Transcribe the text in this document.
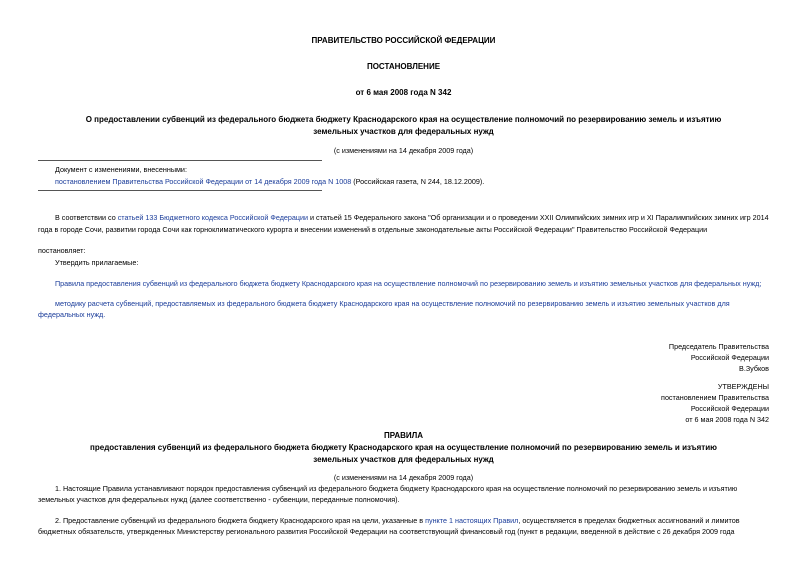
ПРАВИТЕЛЬСТВО РОССИЙСКОЙ ФЕДЕРАЦИИ
ПОСТАНОВЛЕНИЕ
от 6 мая 2008 года N 342
О предоставлении субвенций из федерального бюджета бюджету Краснодарского края на осуществление полномочий по резервированию земель и изъятию
земельных участков для федеральных нужд
(с изменениями на 14 декабря 2009 года)
Документ с изменениями, внесенными:
постановлением Правительства Российской Федерации от 14 декабря 2009 года N 1008 (Российская газета, N 244, 18.12.2009).
В соответствии со статьей 133 Бюджетного кодекса Российской Федерации и статьей 15 Федерального закона "Об организации и о проведении XXII Олимпийских зимних игр и XI Паралимпийских зимних игр 2014
года в городе Сочи, развитии города Сочи как горноклиматического курорта и внесении изменений в отдельные законодательные акты Российской Федерации" Правительство Российской Федерации
постановляет:
Утвердить прилагаемые:
Правила предоставления субвенций из федерального бюджета бюджету Краснодарского края на осуществление полномочий по резервированию земель и изъятию земельных участков для федеральных нужд;
методику расчета субвенций, предоставляемых из федерального бюджета бюджету Краснодарского края на осуществление полномочий по резервированию земель и изъятию земельных участков для
федеральных нужд.
Председатель Правительства
Российской Федерации
В.Зубков
УТВЕРЖДЕНЫ
постановлением Правительства
Российской Федерации
от 6 мая 2008 года N 342
ПРАВИЛА
предоставления субвенций из федерального бюджета бюджету Краснодарского края на осуществление полномочий по резервированию земель и изъятию
земельных участков для федеральных нужд
(с изменениями на 14 декабря 2009 года)
1. Настоящие Правила устанавливают порядок предоставления субвенций из федерального бюджета бюджету Краснодарского края на осуществление полномочий по резервированию земель и изъятию
земельных участков для федеральных нужд (далее соответственно - субвенции, переданные полномочия).
2. Предоставление субвенций из федерального бюджета бюджету Краснодарского края на цели, указанные в пункте 1 настоящих Правил, осуществляется в пределах бюджетных ассигнований и лимитов
бюджетных обязательств, утвержденных Министерству регионального развития Российской Федерации на соответствующий финансовый год (пункт в редакции, введенной в действие с 26 декабря 2009 года
